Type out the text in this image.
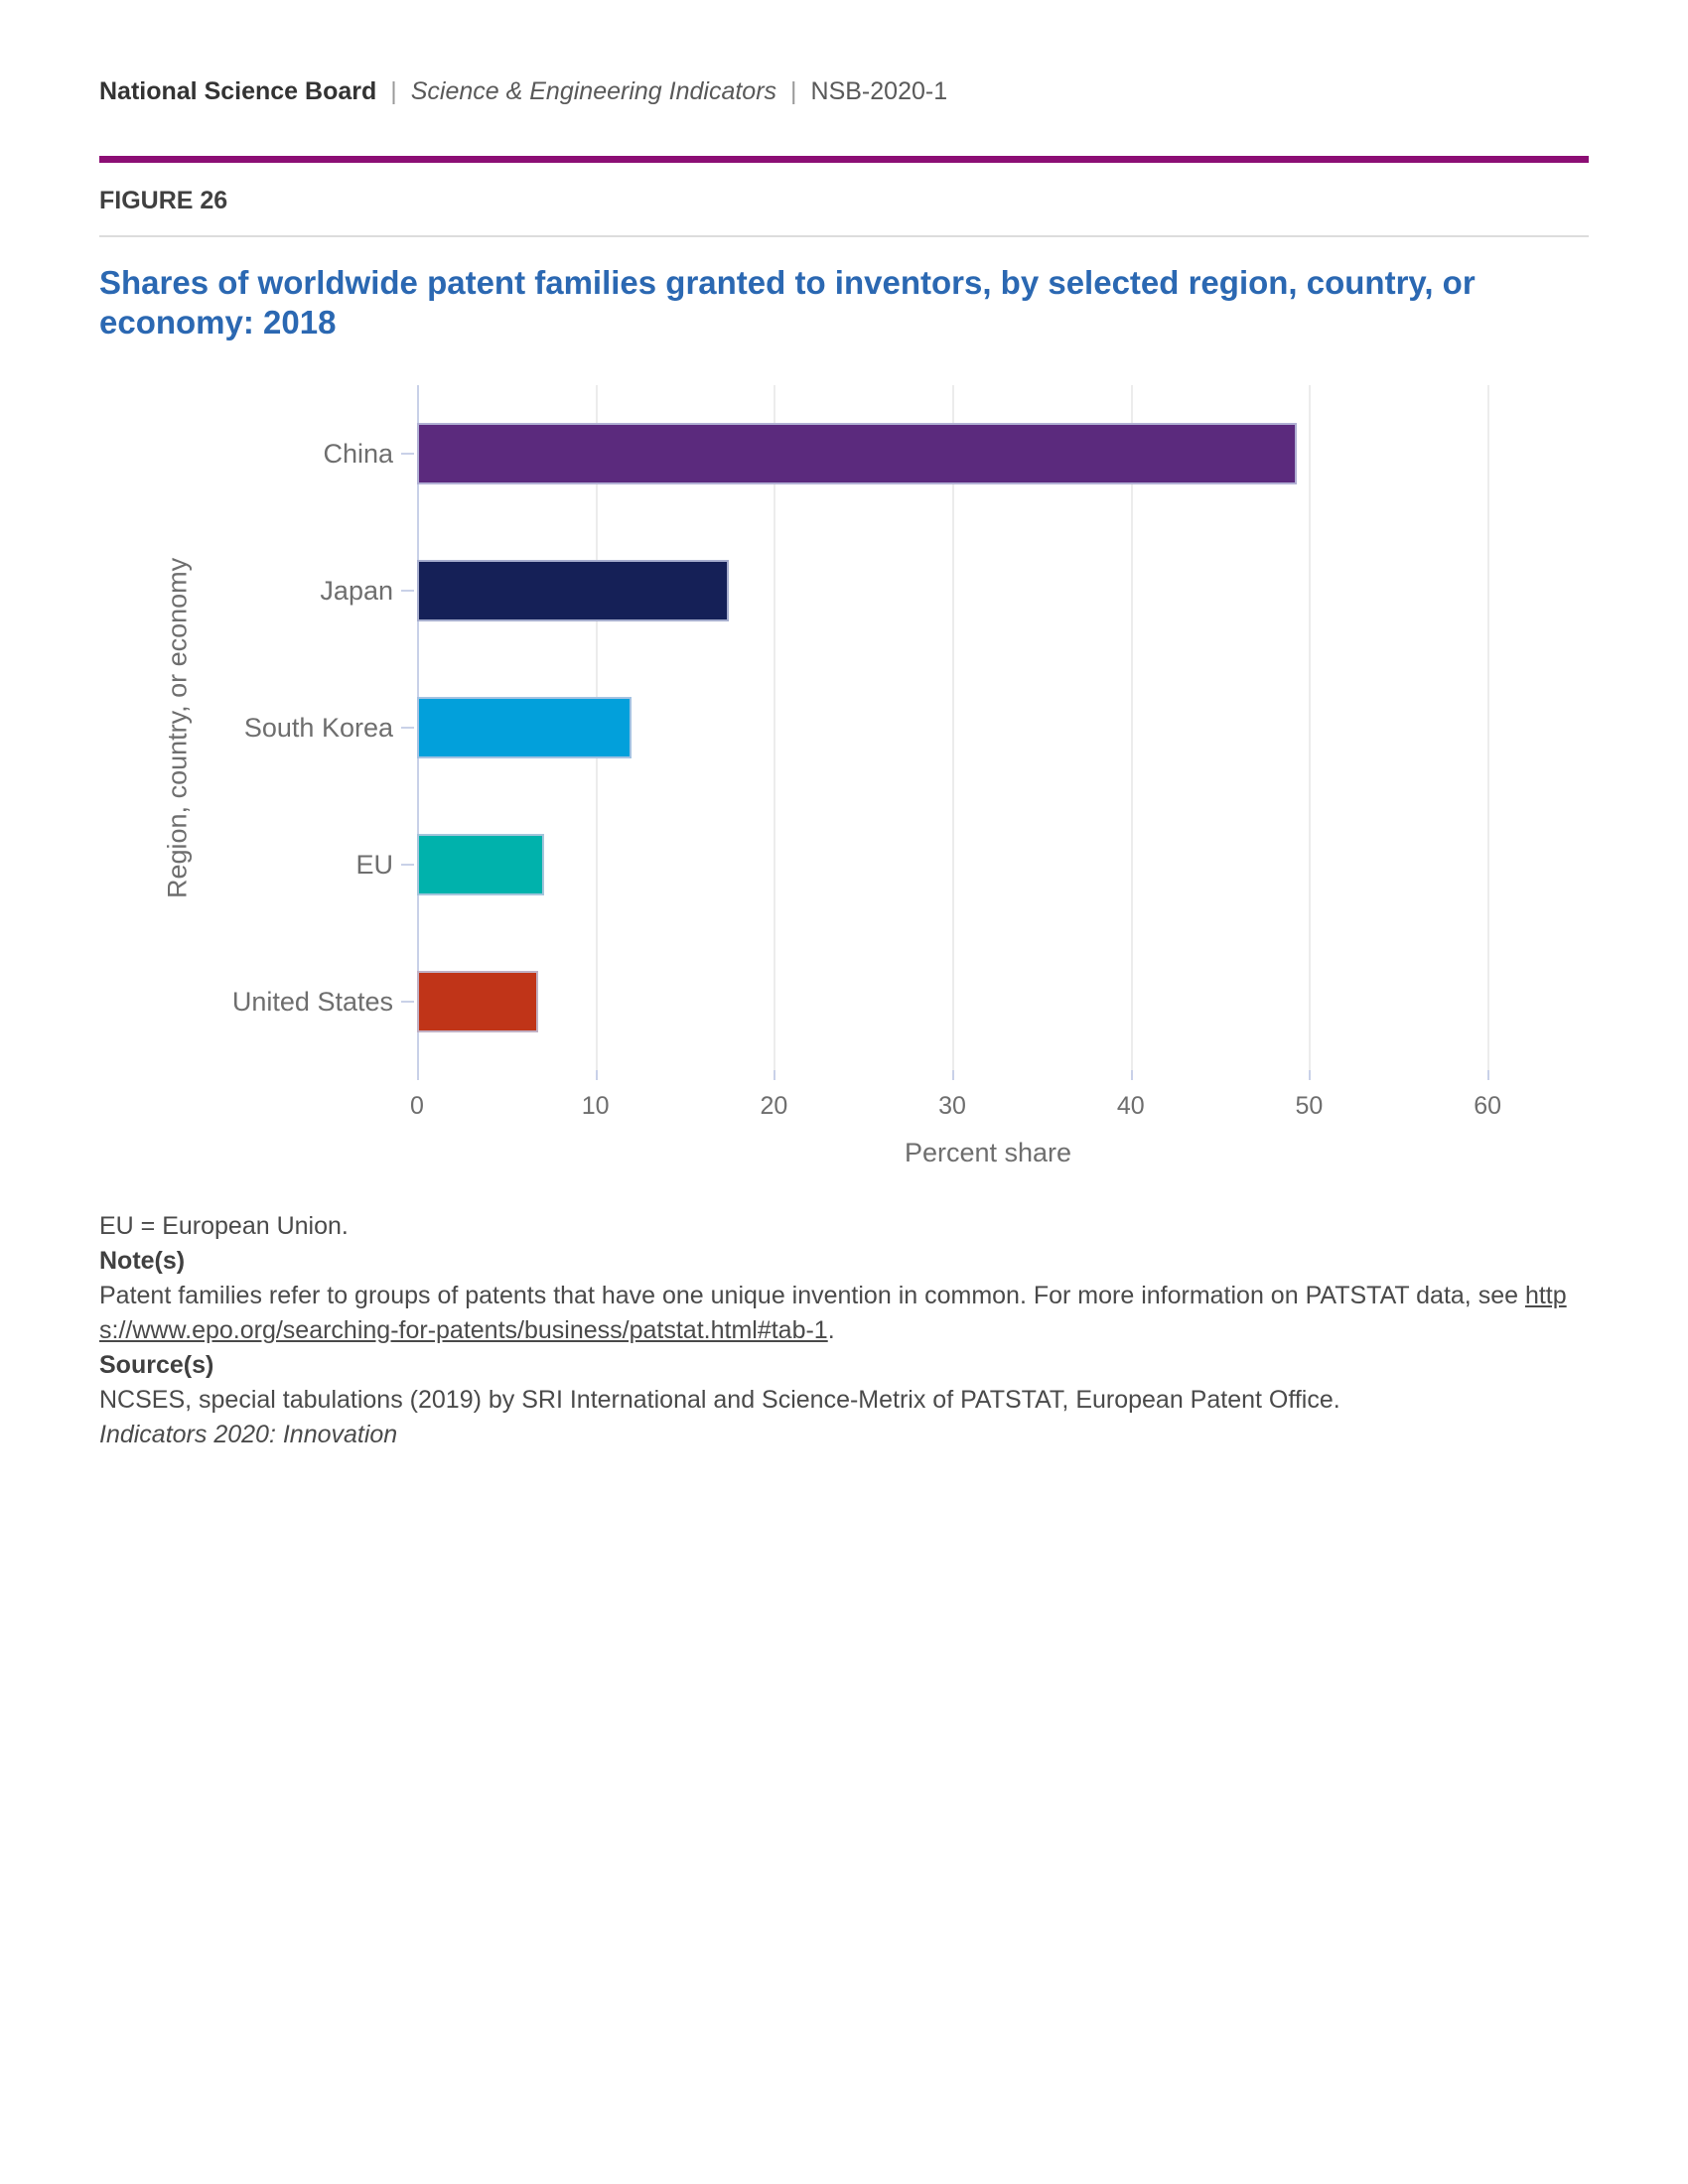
National Science Board | Science & Engineering Indicators | NSB-2020-1
FIGURE 26
Shares of worldwide patent families granted to inventors, by selected region, country, or economy: 2018
Region, country, or economy
China
Japan
South Korea
EU
United States
0	10	20	30	40	50	60
Percent share

EU = European Union.

Note(s)

Patent families refer to groups of patents that have one unique invention in common. For more information on PATSTAT data, see https://www.epo.org/searching-for-patents/business/patstat.html#tab-1.

Source(s)

NCSES, special tabulations (2019) by SRI International and Science-Metrix of PATSTAT, European Patent Office.

Indicators 2020: Innovation
